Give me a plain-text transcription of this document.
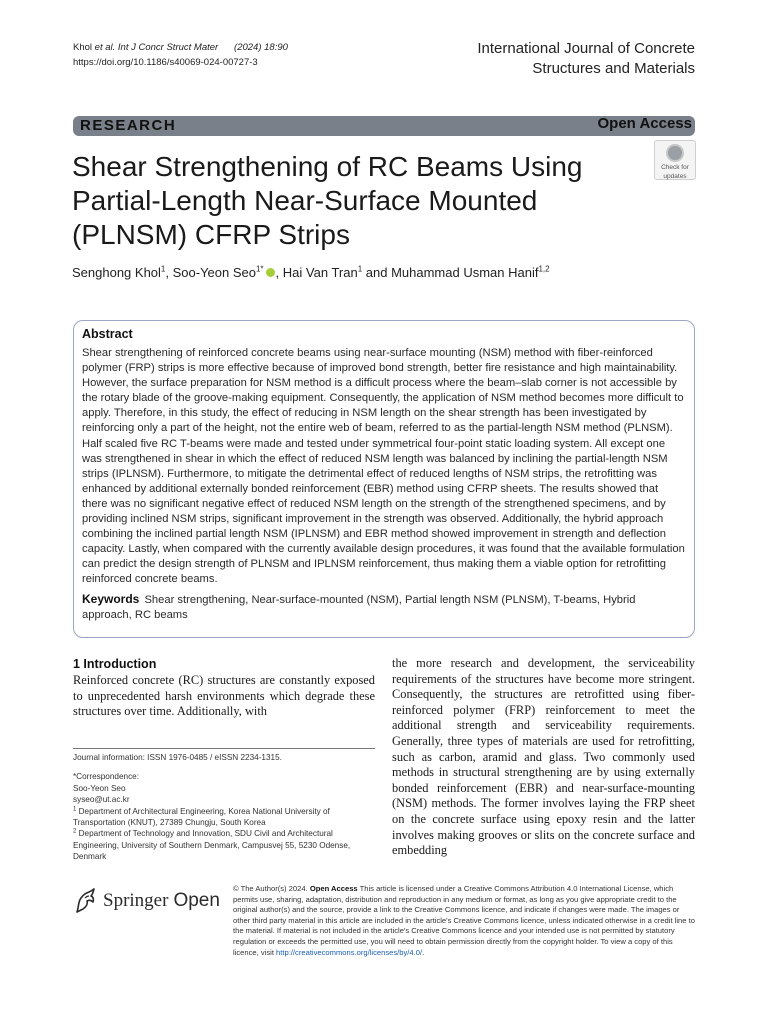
Khol et al. Int J Concr Struct Mater (2024) 18:90
https://doi.org/10.1186/s40069-024-00727-3
International Journal of Concrete
Structures and Materials
RESEARCH	Open Access
Shear Strengthening of RC Beams Using Partial-Length Near-Surface Mounted (PLNSM) CFRP Strips
Check for
updates
Senghong Khol$^1$, Soo-Yeon Seo$^{1*}$ , Hai Van Tran$^1$ and Muhammad Usman Hanif$^{1,2}$
Abstract

Shear strengthening of reinforced concrete beams using near-surface mounting (NSM) method with fiber-reinforced polymer (FRP) strips is more effective because of improved bond strength, better fire resistance and high maintainability. However, the surface preparation for NSM method is a difficult process where the beam–slab corner is not accessible by the rotary blade of the groove-making equipment. Consequently, the application of NSM method becomes more difficult to apply. Therefore, in this study, the effect of reducing in NSM length on the shear strength has been investigated by reinforcing only a part of the height, not the entire web of beam, referred to as the partial-length NSM method (PLNSM). Half scaled five RC T-beams were made and tested under symmetrical four-point static loading system. All except one was strengthened in shear in which the effect of reduced NSM length was balanced by inclining the partial-length NSM strips (IPLNSM). Furthermore, to mitigate the detrimental effect of reduced lengths of NSM strips, the retrofitting was enhanced by additional externally bonded reinforcement (EBR) method using CFRP sheets. The results showed that there was no significant negative effect of reduced NSM length on the strength of the strengthened specimens, and by providing inclined NSM strips, significant improvement in the strength was observed. Additionally, the hybrid approach combining the inclined partial length NSM (IPLNSM) and EBR method showed improvement in strength and deflection capacity. Lastly, when compared with the currently available design procedures, it was found that the available formulation can predict the design strength of PLNSM and IPLNSM reinforcement, thus making them a viable option for retrofitting reinforced concrete beams.

Keywords Shear strengthening, Near-surface-mounted (NSM), Partial length NSM (PLNSM), T-beams, Hybrid approach, RC beams

1 Introduction

Reinforced concrete (RC) structures are constantly exposed to unprecedented harsh environments which degrade these structures over time. Additionally, with

the more research and development, the serviceability requirements of the structures have become more stringent. Consequently, the structures are retrofitted using fiber-reinforced polymer (FRP) reinforcement to meet the additional strength and serviceability requirements. Generally, three types of materials are used for retrofitting, such as carbon, aramid and glass. Two commonly used methods in structural strengthening are by using externally bonded reinforcement (EBR) and near-surface-mounting (NSM) methods. The former involves laying the FRP sheet on the concrete surface using epoxy resin and the latter involves making grooves or slits on the concrete surface and embedding

Journal information: ISSN 1976-0485 / eISSN 2234-1315.

*Correspondence:

Soo-Yeon Seo

syseo@ut.ac.kr

$^1$ Department of Architectural Engineering, Korea National University of Transportation (KNUT), 27389 Chungju, South Korea

$^2$ Department of Technology and Innovation, SDU Civil and Architectural Engineering, University of Southern Denmark, Campusvej 55, 5230 Odense, Denmark

Springer Open
© The Author(s) 2024. Open Access This article is licensed under a Creative Commons Attribution 4.0 International License, which permits use, sharing, adaptation, distribution and reproduction in any medium or format, as long as you give appropriate credit to the original author(s) and the source, provide a link to the Creative Commons licence, and indicate if changes were made. The images or other third party material in this article are included in the article's Creative Commons licence, unless indicated otherwise in a credit line to the material. If material is not included in the article's Creative Commons licence and your intended use is not permitted by statutory regulation or exceeds the permitted use, you will need to obtain permission directly from the copyright holder. To view a copy of this licence, visit http://creativecommons.org/licenses/by/4.0/.
